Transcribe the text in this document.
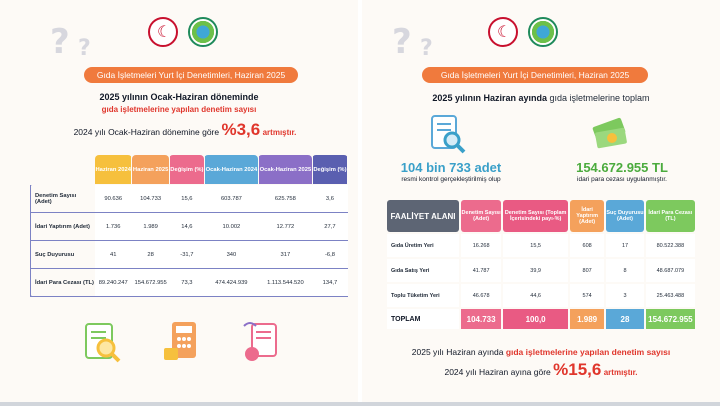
☾
? ?
Gıda İşletmeleri Yurt İçi Denetimleri, Haziran 2025
2025 yılının Ocak-Haziran döneminde
gıda işletmelerine yapılan denetim sayısı
2024 yılı Ocak-Haziran dönemine göre %3,6 artmıştır.
	Haziran 2024	Haziran 2025	Değişim (%)	Ocak-Haziran 2024	Ocak-Haziran 2025	Değişim (%)
Denetim Sayısı (Adet)	90.636	104.733	15,6	603.787	625.758	3,6
İdari Yaptırım (Adet)	1.736	1.989	14,6	10.002	12.772	27,7
Suç Duyurusu	41	28	-31,7	340	317	-6,8
İdari Para Cezası (TL)	89.240.247	154.672.955	73,3	474.424.939	1.113.544.520	134,7
☾
? ?
Gıda İşletmeleri Yurt İçi Denetimleri, Haziran 2025
2025 yılının Haziran ayında gıda işletmelerine toplam
104 bin 733 adet
resmi kontrol gerçekleştirilmiş olup
154.672.955 TL
idari para cezası uygulanmıştır.
FAALİYET ALANI	Denetim Sayısı (Adet)	Denetim Sayısı (Toplam İçerisindeki payı-%)	İdari Yaptırım (Adet)	Suç Duyurusu (Adet)	İdari Para Cezası (TL)
Gıda Üretim Yeri	16.268	15,5	608	17	80.522.388
Gıda Satış Yeri	41.787	39,9	807	8	48.687.079
Toplu Tüketim Yeri	46.678	44,6	574	3	25.463.488
TOPLAM	104.733	100,0	1.989	28	154.672.955
2025 yılı Haziran ayında gıda işletmelerine yapılan denetim sayısı
2024 yılı Haziran ayına göre %15,6 artmıştır.
